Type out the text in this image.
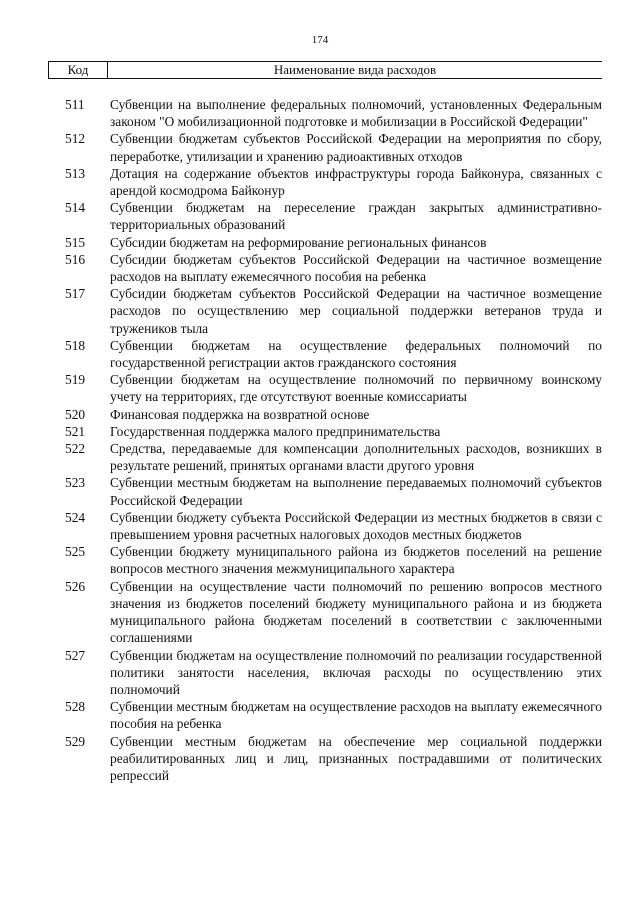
174
Код	Наименование вида расходов
511	Субвенции на выполнение федеральных полномочий, установленных Федеральным законом "О мобилизационной подготовке и мобилизации в Российской Федерации"
512	Субвенции бюджетам субъектов Российской Федерации на мероприятия по сбору, переработке, утилизации и хранению радиоактивных отходов
513	Дотация на содержание объектов инфраструктуры города Байконура, связанных с арендой космодрома Байконур
514	Субвенции бюджетам на переселение граждан закрытых административно-территориальных образований
515	Субсидии бюджетам на реформирование региональных финансов
516	Субсидии бюджетам субъектов Российской Федерации на частичное возмещение расходов на выплату ежемесячного пособия на ребенка
517	Субсидии бюджетам субъектов Российской Федерации на частичное возмещение расходов по осуществлению мер социальной поддержки ветеранов труда и тружеников тыла
518	Субвенции бюджетам на осуществление федеральных полномочий по государственной регистрации актов гражданского состояния
519	Субвенции бюджетам на осуществление полномочий по первичному воинскому учету на территориях, где отсутствуют военные комиссариаты
520	Финансовая поддержка на возвратной основе
521	Государственная поддержка малого предпринимательства
522	Средства, передаваемые для компенсации дополнительных расходов, возникших в результате решений, принятых органами власти другого уровня
523	Субвенции местным бюджетам на выполнение передаваемых полномочий субъектов Российской Федерации
524	Субвенции бюджету субъекта Российской Федерации из местных бюджетов в связи с превышением уровня расчетных налоговых доходов местных бюджетов
525	Субвенции бюджету муниципального района из бюджетов поселений на решение вопросов местного значения межмуниципального характера
526	Субвенции на осуществление части полномочий по решению вопросов местного значения из бюджетов поселений бюджету муниципального района и из бюджета муниципального района бюджетам поселений в соответствии с заключенными соглашениями
527	Субвенции бюджетам на осуществление полномочий по реализации государственной политики занятости населения, включая расходы по осуществлению этих полномочий
528	Субвенции местным бюджетам на осуществление расходов на выплату ежемесячного пособия на ребенка
529	Субвенции местным бюджетам на обеспечение мер социальной поддержки реабилитированных лиц и лиц, признанных пострадавшими от политических репрессий
